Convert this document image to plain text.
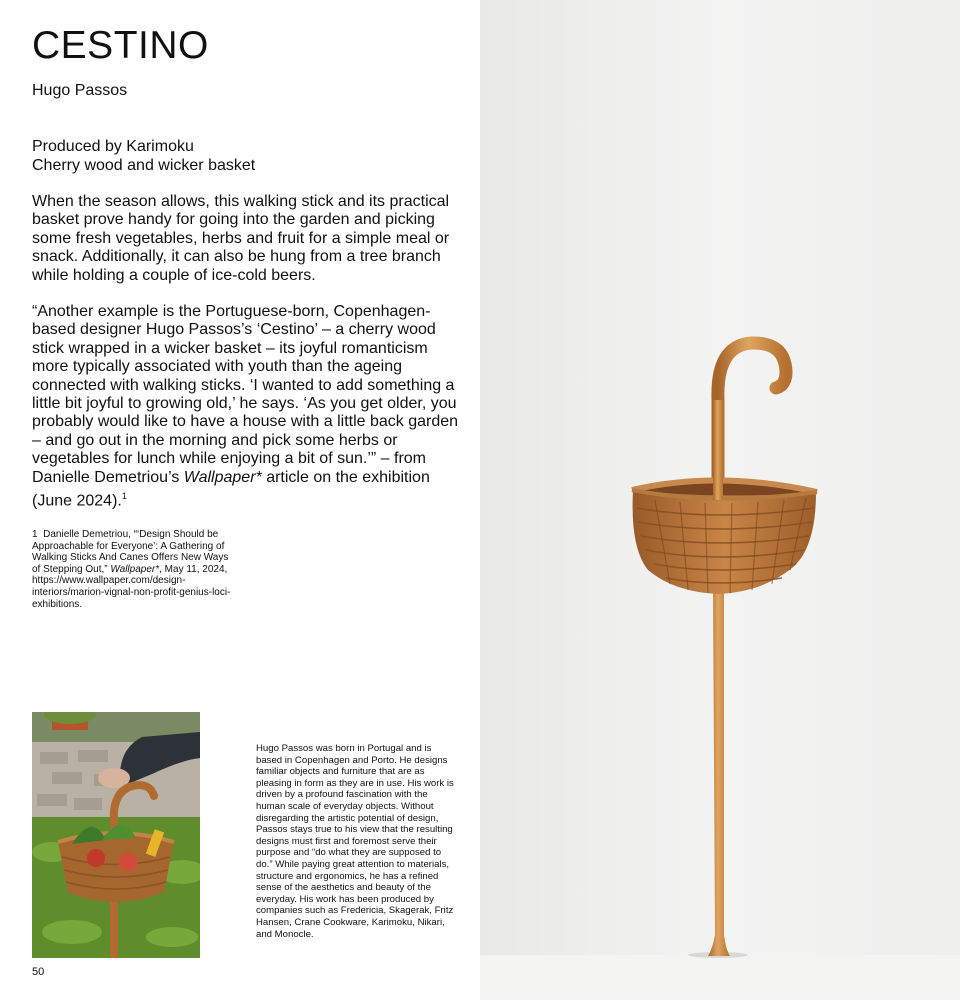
CESTINO
Hugo Passos
Produced by Karimoku
Cherry wood and wicker basket

When the season allows, this walking stick and its practical basket prove handy for going into the garden and picking some fresh vegetables, herbs and fruit for a simple meal or snack. Additionally, it can also be hung from a tree branch while holding a couple of ice-cold beers.

“Another example is the Portuguese-born, Copenhagen-based designer Hugo Passos’s ‘Cestino’ – a cherry wood stick wrapped in a wicker basket – its joyful romanticism more typically associated with youth than the ageing connected with walking sticks. ‘I wanted to add something a little bit joyful to growing old,’ he says. ‘As you get older, you probably would like to have a house with a little back garden – and go out in the morning and pick some herbs or vegetables for lunch while enjoying a bit of sun.’” – from Danielle Demetriou’s Wallpaper* article on the exhibition (June 2024).$^1$

1 Danielle Demetriou, “‘Design Should be Approachable for Everyone’: A Gathering of Walking Sticks And Canes Offers New Ways of Stepping Out,” Wallpaper*, May 11, 2024, https://www.wallpaper.com/design-interiors/marion-vignal-non-profit-genius-loci-exhibitions.

Hugo Passos was born in Portugal and is based in Copenhagen and Porto. He designs familiar objects and furniture that are as pleasing in form as they are in use. His work is driven by a profound fascination with the human scale of everyday objects. Without disregarding the artistic potential of design, Passos stays true to his view that the resulting designs must first and foremost serve their purpose and “do what they are supposed to do.” While paying great attention to materials, structure and ergonomics, he has a refined sense of the aesthetics and beauty of the everyday. His work has been produced by companies such as Fredericia, Skagerak, Fritz Hansen, Crane Cookware, Karimoku, Nikari, and Monocle.

50
